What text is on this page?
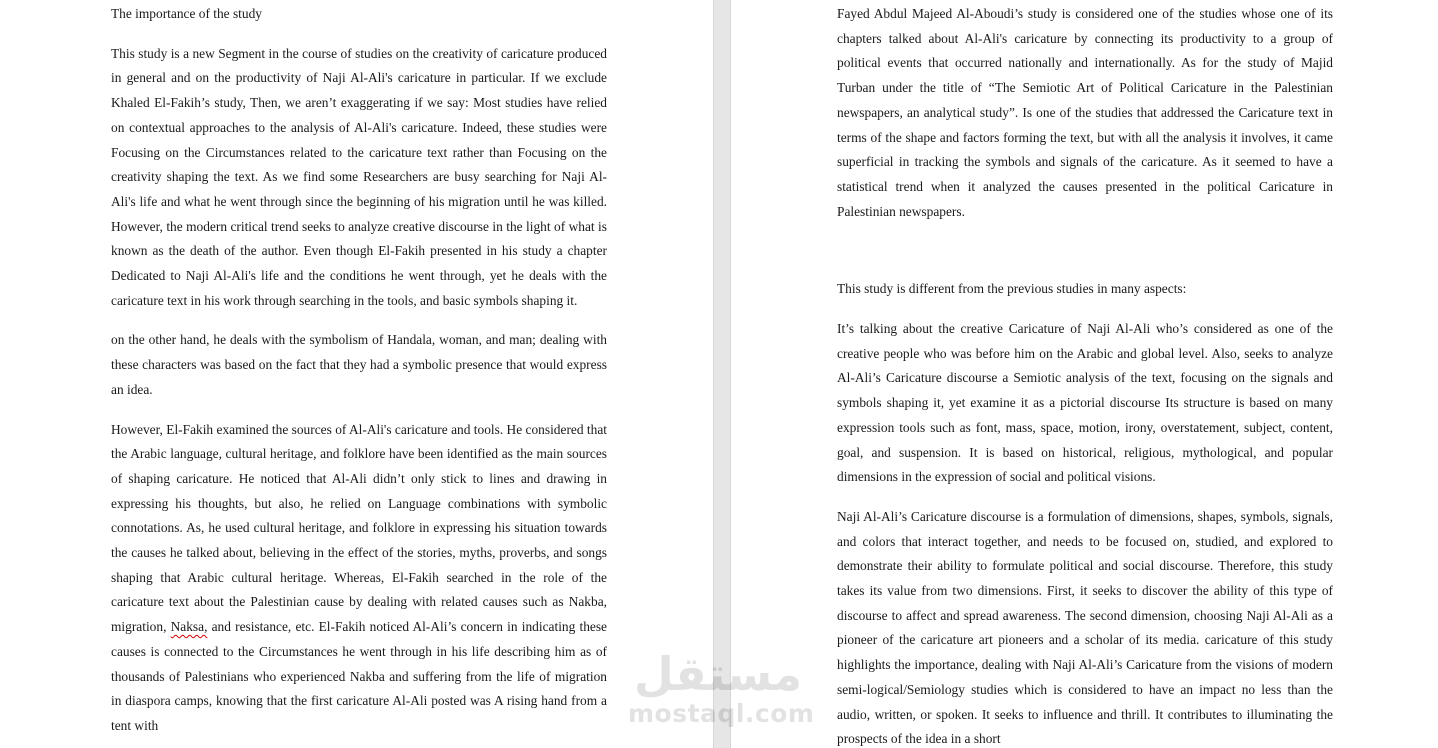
The importance of the study

This study is a new Segment in the course of studies on the creativity of caricature produced in general and on the productivity of Naji Al-Ali's caricature in particular. If we exclude Khaled El-Fakih’s study, Then, we aren’t exaggerating if we say: Most studies have relied on contextual approaches to the analysis of Al-Ali's caricature. Indeed, these studies were Focusing on the Circumstances related to the caricature text rather than Focusing on the creativity shaping the text. As we find some Researchers are busy searching for Naji Al-Ali's life and what he went through since the beginning of his migration until he was killed. However, the modern critical trend seeks to analyze creative discourse in the light of what is known as the death of the author. Even though El-Fakih presented in his study a chapter Dedicated to Naji Al-Ali's life and the conditions he went through, yet he deals with the caricature text in his work through searching in the tools, and basic symbols shaping it.

on the other hand, he deals with the symbolism of Handala, woman, and man; dealing with these characters was based on the fact that they had a symbolic presence that would express an idea.

However, El-Fakih examined the sources of Al-Ali's caricature and tools. He considered that the Arabic language, cultural heritage, and folklore have been identified as the main sources of shaping caricature. He noticed that Al-Ali didn’t only stick to lines and drawing in expressing his thoughts, but also, he relied on Language combinations with symbolic connotations. As, he used cultural heritage, and folklore in expressing his situation towards the causes he talked about, believing in the effect of the stories, myths, proverbs, and songs shaping that Arabic cultural heritage. Whereas, El-Fakih searched in the role of the caricature text about the Palestinian cause by dealing with related causes such as Nakba, migration, Naksa, and resistance, etc. El-Fakih noticed Al-Ali’s concern in indicating these causes is connected to the Circumstances he went through in his life describing him as of thousands of Palestinians who experienced Nakba and suffering from the life of migration in diaspora camps, knowing that the first caricature Al-Ali posted was A rising hand from a tent with

Fayed Abdul Majeed Al-Aboudi’s study is considered one of the studies whose one of its chapters talked about Al-Ali's caricature by connecting its productivity to a group of political events that occurred nationally and internationally. As for the study of Majid Turban under the title of “The Semiotic Art of Political Caricature in the Palestinian newspapers, an analytical study”. Is one of the studies that addressed the Caricature text in terms of the shape and factors forming the text, but with all the analysis it involves, it came superficial in tracking the symbols and signals of the caricature. As it seemed to have a statistical trend when it analyzed the causes presented in the political Caricature in Palestinian newspapers.

This study is different from the previous studies in many aspects:

It’s talking about the creative Caricature of Naji Al-Ali who’s considered as one of the creative people who was before him on the Arabic and global level. Also, seeks to analyze Al-Ali’s Caricature discourse a Semiotic analysis of the text, focusing on the signals and symbols shaping it, yet examine it as a pictorial discourse Its structure is based on many expression tools such as font, mass, space, motion, irony, overstatement, subject, content, goal, and suspension. It is based on historical, religious, mythological, and popular dimensions in the expression of social and political visions.

Naji Al-Ali’s Caricature discourse is a formulation of dimensions, shapes, symbols, signals, and colors that interact together, and needs to be focused on, studied, and explored to demonstrate their ability to formulate political and social discourse. Therefore, this study takes its value from two dimensions. First, it seeks to discover the ability of this type of discourse to affect and spread awareness. The second dimension, choosing Naji Al-Ali as a pioneer of the caricature art pioneers and a scholar of its media. caricature of this study highlights the importance, dealing with Naji Al-Ali’s Caricature from the visions of modern semi-logical/Semiology studies which is considered to have an impact no less than the audio, written, or spoken. It seeks to influence and thrill. It contributes to illuminating the prospects of the idea in a short
